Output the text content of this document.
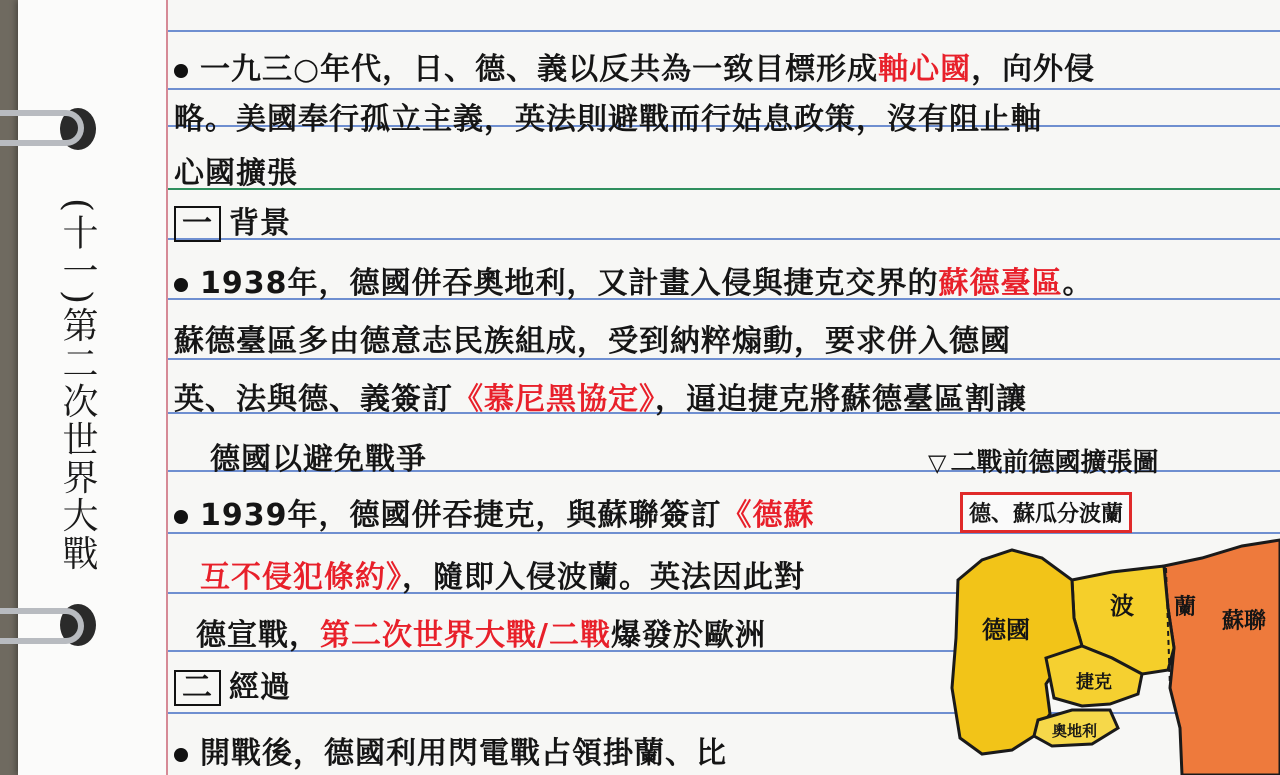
(十一)第二次世界大戰
一九三○年代，日、德、義以反共為一致目標形成軸心國，向外侵
略。美國奉行孤立主義，英法則避戰而行姑息政策，沒有阻止軸
心國擴張
一 背景
1938年，德國併吞奧地利，又計畫入侵與捷克交界的蘇德臺區。
蘇德臺區多由德意志民族組成，受到納粹煽動，要求併入德國
英、法與德、義簽訂《慕尼黑協定》，逼迫捷克將蘇德臺區割讓
德國以避免戰爭
1939年，德國併吞捷克，與蘇聯簽訂《德蘇
互不侵犯條約》，隨即入侵波蘭。英法因此對
德宣戰，第二次世界大戰/二戰爆發於歐洲
二 經過
開戰後，德國利用閃電戰占領掛蘭、比
▽ 二戰前德國擴張圖
德、蘇瓜分波蘭
德國
波 蘭
捷克
奧地利
蘇聯
